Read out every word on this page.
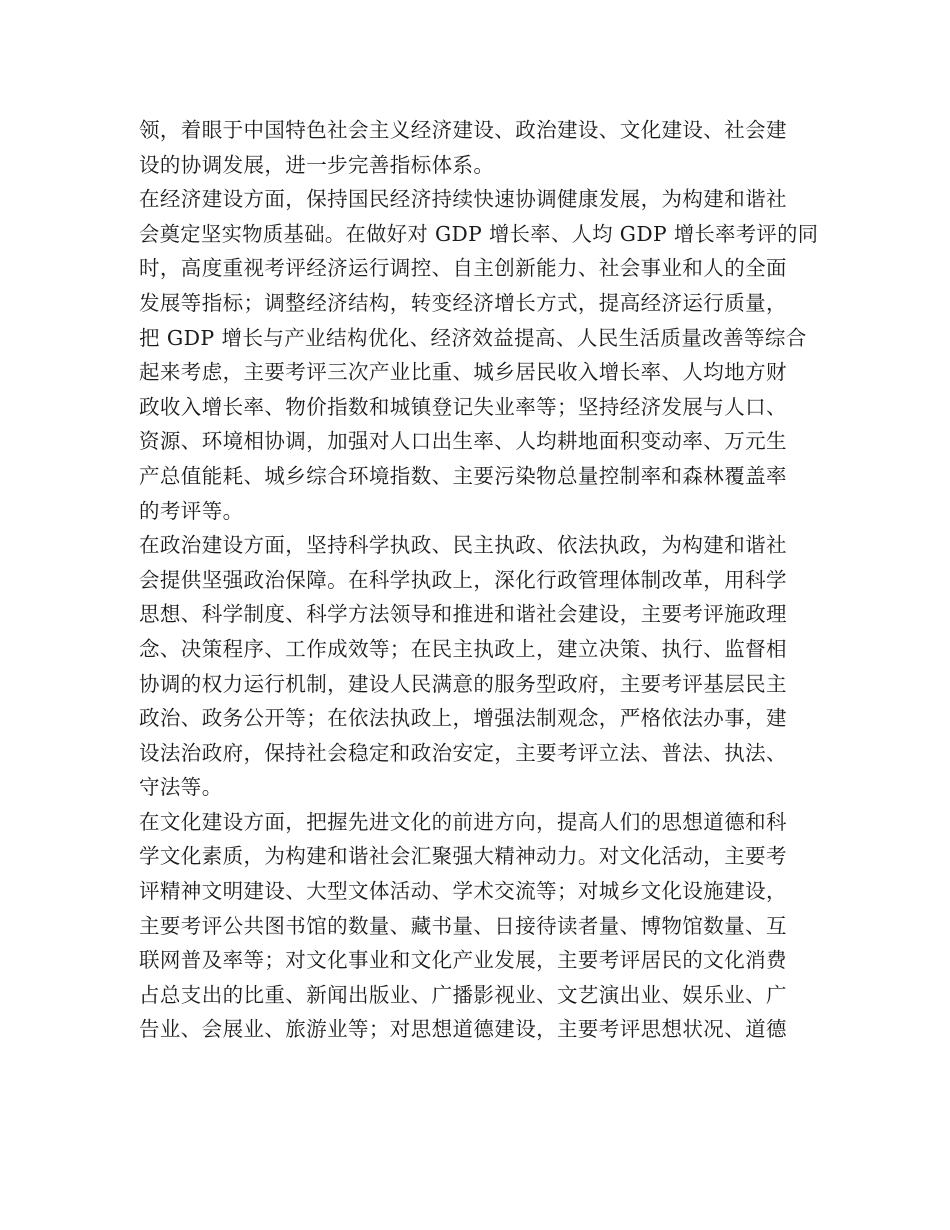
领，着眼于中国特色社会主义经济建设、政治建设、文化建设、社会建
设的协调发展，进一步完善指标体系。
在经济建设方面，保持国民经济持续快速协调健康发展，为构建和谐社
会奠定坚实物质基础。在做好对 GDP 增长率、人均 GDP 增长率考评的同
时，高度重视考评经济运行调控、自主创新能力、社会事业和人的全面
发展等指标；调整经济结构，转变经济增长方式，提高经济运行质量，
把 GDP 增长与产业结构优化、经济效益提高、人民生活质量改善等综合
起来考虑，主要考评三次产业比重、城乡居民收入增长率、人均地方财
政收入增长率、物价指数和城镇登记失业率等；坚持经济发展与人口、
资源、环境相协调，加强对人口出生率、人均耕地面积变动率、万元生
产总值能耗、城乡综合环境指数、主要污染物总量控制率和森林覆盖率
的考评等。
在政治建设方面，坚持科学执政、民主执政、依法执政，为构建和谐社
会提供坚强政治保障。在科学执政上，深化行政管理体制改革，用科学
思想、科学制度、科学方法领导和推进和谐社会建设，主要考评施政理
念、决策程序、工作成效等；在民主执政上，建立决策、执行、监督相
协调的权力运行机制，建设人民满意的服务型政府，主要考评基层民主
政治、政务公开等；在依法执政上，增强法制观念，严格依法办事，建
设法治政府，保持社会稳定和政治安定，主要考评立法、普法、执法、
守法等。
在文化建设方面，把握先进文化的前进方向，提高人们的思想道德和科
学文化素质，为构建和谐社会汇聚强大精神动力。对文化活动，主要考
评精神文明建设、大型文体活动、学术交流等；对城乡文化设施建设，
主要考评公共图书馆的数量、藏书量、日接待读者量、博物馆数量、互
联网普及率等；对文化事业和文化产业发展，主要考评居民的文化消费
占总支出的比重、新闻出版业、广播影视业、文艺演出业、娱乐业、广
告业、会展业、旅游业等；对思想道德建设，主要考评思想状况、道德
